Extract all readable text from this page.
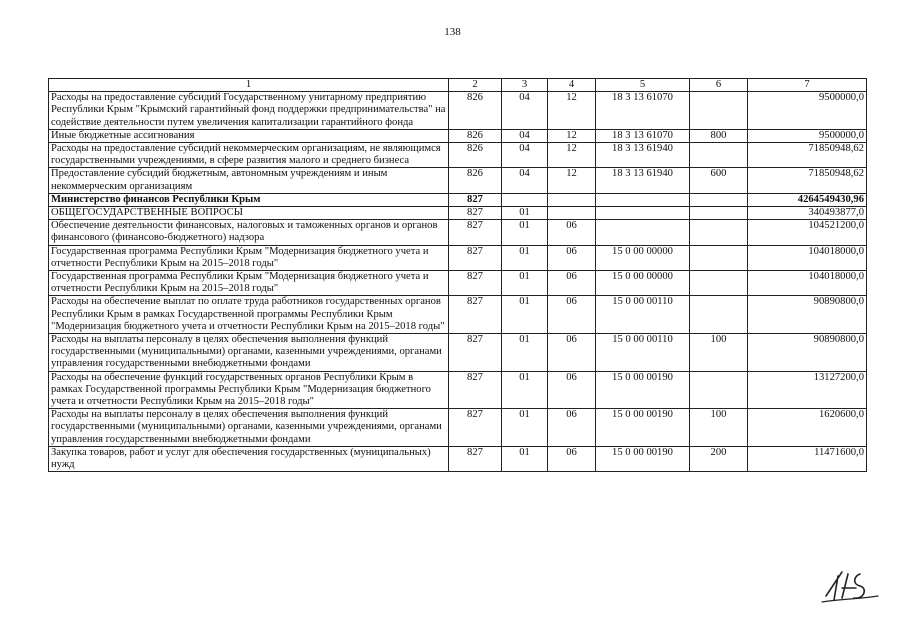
138
1	2	3	4	5	6	7
Расходы на предоставление субсидий Государственному унитарному предприятию Республики Крым "Крымский гарантийный фонд поддержки предпринимательства" на содействие деятельности путем увеличения капитализации гарантийного фонда	826	04	12	18 3 13 61070		9500000,0
Иные бюджетные ассигнования	826	04	12	18 3 13 61070	800	9500000,0
Расходы на предоставление субсидий некоммерческим организациям, не являющимся государственными учреждениями, в сфере развития малого и среднего бизнеса	826	04	12	18 3 13 61940		71850948,62
Предоставление субсидий бюджетным, автономным учреждениям и иным некоммерческим организациям	826	04	12	18 3 13 61940	600	71850948,62
Министерство финансов Республики Крым	827					4264549430,96
ОБЩЕГОСУДАРСТВЕННЫЕ ВОПРОСЫ	827	01				340493877,0
Обеспечение деятельности финансовых, налоговых и таможенных органов и органов финансового (финансово-бюджетного) надзора	827	01	06			104521200,0
Государственная программа Республики Крым "Модернизация бюджетного учета и отчетности Республики Крым на 2015–2018 годы"	827	01	06	15 0 00 00000		104018000,0
Государственная программа Республики Крым "Модернизация бюджетного учета и отчетности Республики Крым на 2015–2018 годы"	827	01	06	15 0 00 00000		104018000,0
Расходы на обеспечение выплат по оплате труда работников государственных органов Республики Крым в рамках Государственной программы Республики Крым "Модернизация бюджетного учета и отчетности Республики Крым на 2015–2018 годы"	827	01	06	15 0 00 00110		90890800,0
Расходы на выплаты персоналу в целях обеспечения выполнения функций государственными (муниципальными) органами, казенными учреждениями, органами управления государственными внебюджетными фондами	827	01	06	15 0 00 00110	100	90890800,0
Расходы на обеспечение функций государственных органов Республики Крым в рамках Государственной программы Республики Крым "Модернизация бюджетного учета и отчетности Республики Крым на 2015–2018 годы"	827	01	06	15 0 00 00190		13127200,0
Расходы на выплаты персоналу в целях обеспечения выполнения функций государственными (муниципальными) органами, казенными учреждениями, органами управления государственными внебюджетными фондами	827	01	06	15 0 00 00190	100	1620600,0
Закупка товаров, работ и услуг для обеспечения государственных (муниципальных) нужд	827	01	06	15 0 00 00190	200	11471600,0
